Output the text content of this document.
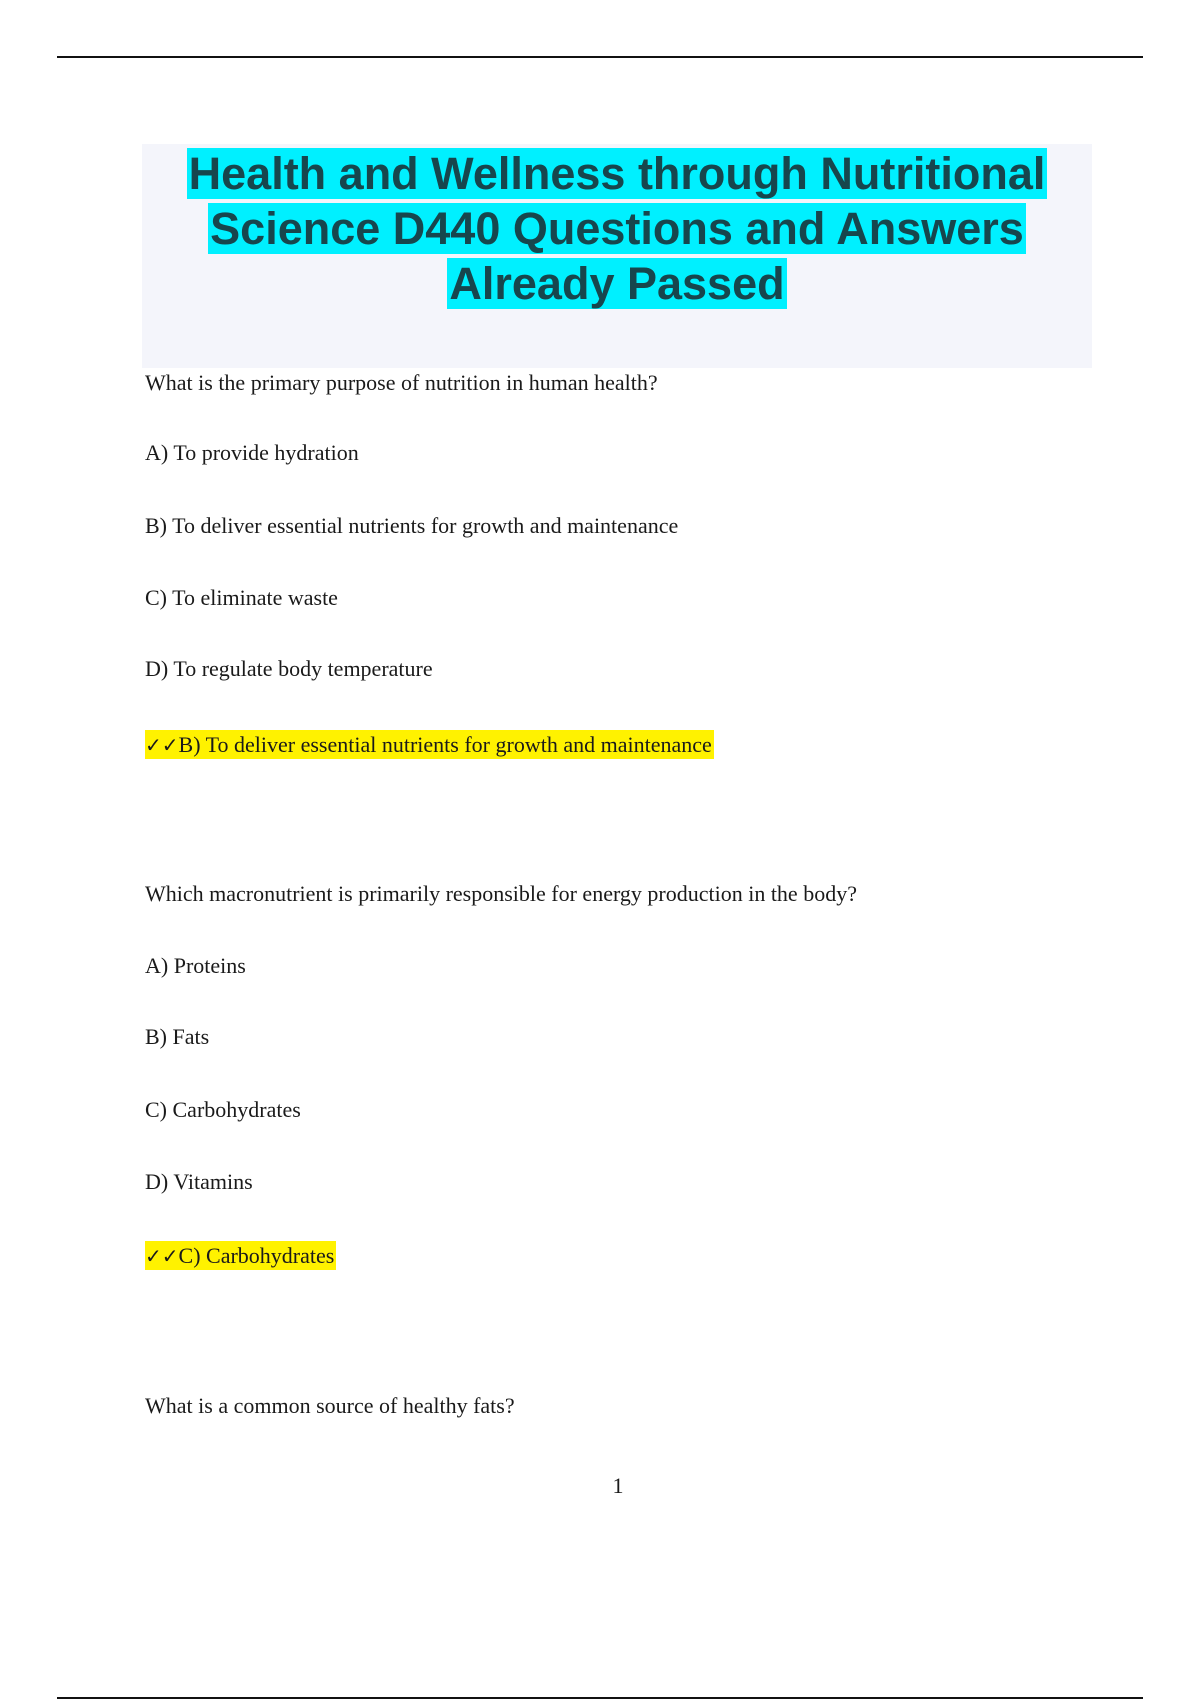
Health and Wellness through Nutritional
Science D440 Questions and Answers
Already Passed

What is the primary purpose of nutrition in human health?

A) To provide hydration

B) To deliver essential nutrients for growth and maintenance

C) To eliminate waste

D) To regulate body temperature

✓✓B) To deliver essential nutrients for growth and maintenance

Which macronutrient is primarily responsible for energy production in the body?

A) Proteins

B) Fats

C) Carbohydrates

D) Vitamins

✓✓C) Carbohydrates

What is a common source of healthy fats?

1
